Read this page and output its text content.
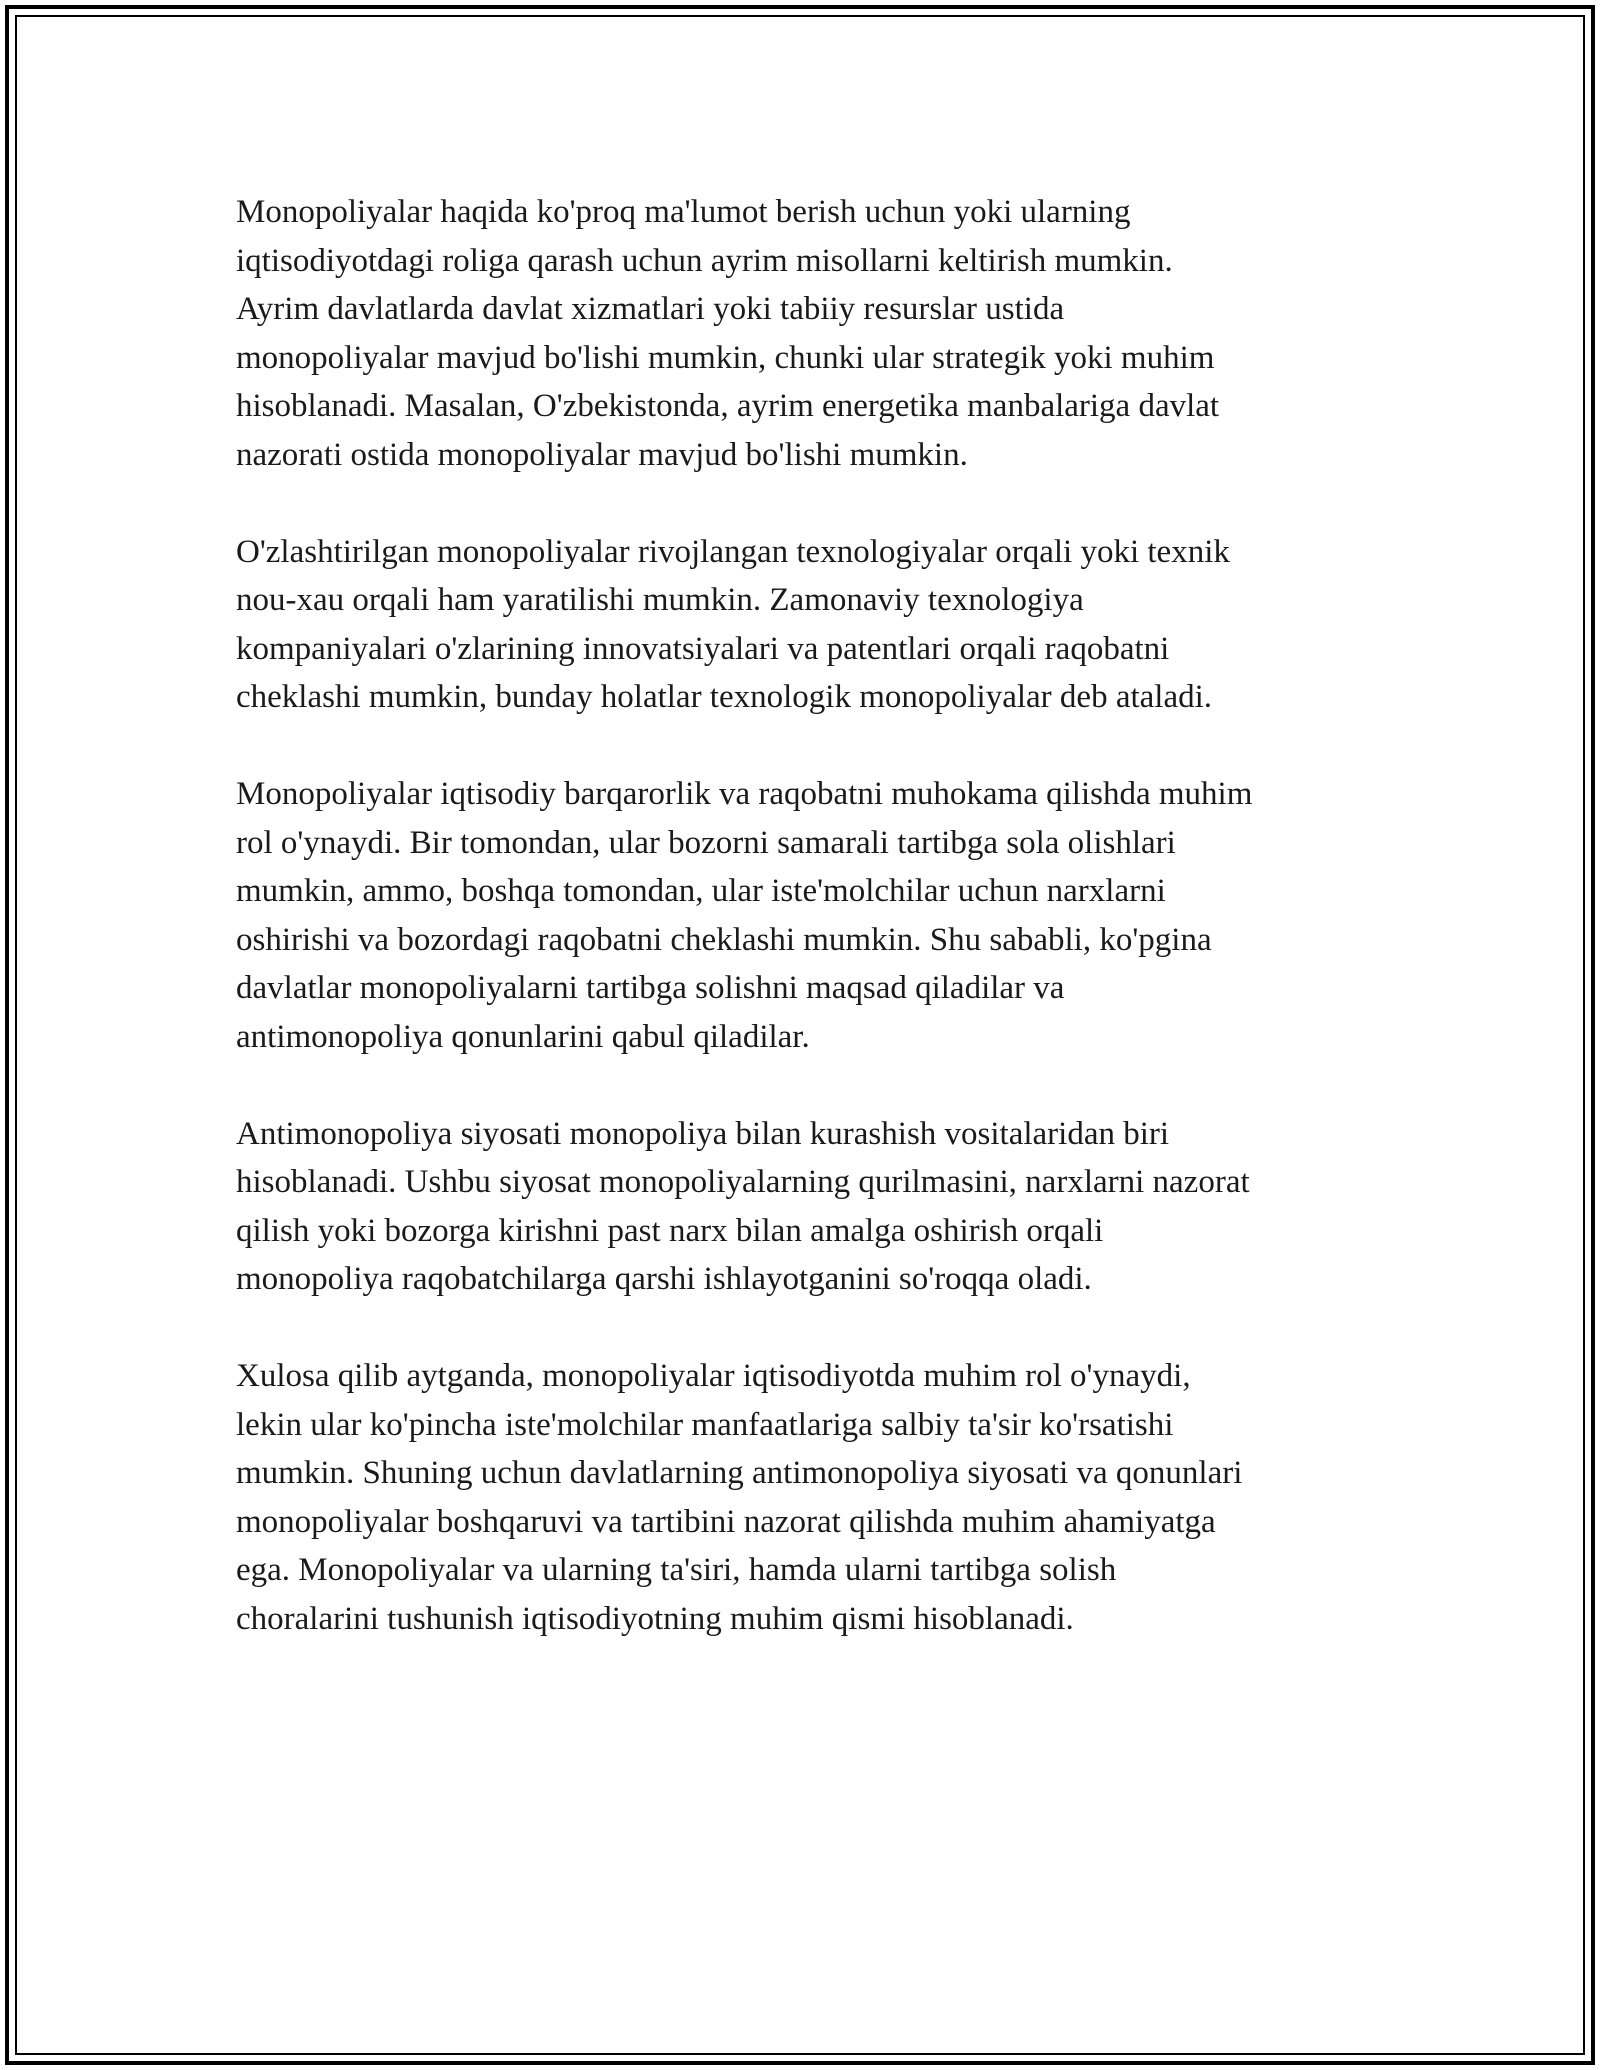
Monopoliyalar haqida ko'proq ma'lumot berish uchun yoki ularning
iqtisodiyotdagi roliga qarash uchun ayrim misollarni keltirish mumkin.
Ayrim davlatlarda davlat xizmatlari yoki tabiiy resurslar ustida
monopoliyalar mavjud bo'lishi mumkin, chunki ular strategik yoki muhim
hisoblanadi. Masalan, O'zbekistonda, ayrim energetika manbalariga davlat
nazorati ostida monopoliyalar mavjud bo'lishi mumkin.

O'zlashtirilgan monopoliyalar rivojlangan texnologiyalar orqali yoki texnik
nou-xau orqali ham yaratilishi mumkin. Zamonaviy texnologiya
kompaniyalari o'zlarining innovatsiyalari va patentlari orqali raqobatni
cheklashi mumkin, bunday holatlar texnologik monopoliyalar deb ataladi.

Monopoliyalar iqtisodiy barqarorlik va raqobatni muhokama qilishda muhim
rol o'ynaydi. Bir tomondan, ular bozorni samarali tartibga sola olishlari
mumkin, ammo, boshqa tomondan, ular iste'molchilar uchun narxlarni
oshirishi va bozordagi raqobatni cheklashi mumkin. Shu sababli, ko'pgina
davlatlar monopoliyalarni tartibga solishni maqsad qiladilar va
antimonopoliya qonunlarini qabul qiladilar.

Antimonopoliya siyosati monopoliya bilan kurashish vositalaridan biri
hisoblanadi. Ushbu siyosat monopoliyalarning qurilmasini, narxlarni nazorat
qilish yoki bozorga kirishni past narx bilan amalga oshirish orqali
monopoliya raqobatchilarga qarshi ishlayotganini so'roqqa oladi.

Xulosa qilib aytganda, monopoliyalar iqtisodiyotda muhim rol o'ynaydi,
lekin ular ko'pincha iste'molchilar manfaatlariga salbiy ta'sir ko'rsatishi
mumkin. Shuning uchun davlatlarning antimonopoliya siyosati va qonunlari
monopoliyalar boshqaruvi va tartibini nazorat qilishda muhim ahamiyatga
ega. Monopoliyalar va ularning ta'siri, hamda ularni tartibga solish
choralarini tushunish iqtisodiyotning muhim qismi hisoblanadi.
